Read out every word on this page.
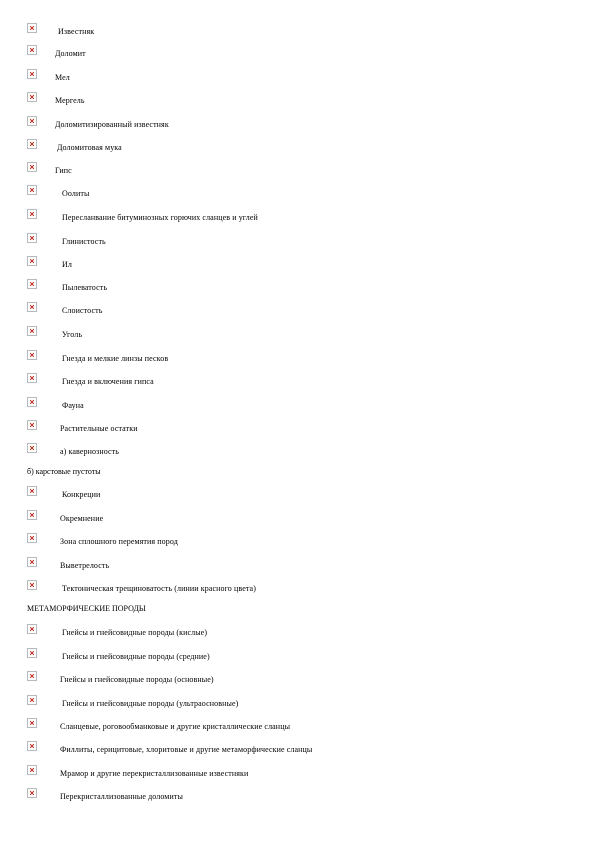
Известняк
Доломит
Мел
Мергель
Доломитизированный известняк
Доломитовая мука
Гипс
Оолиты
Пересланвание битуминозных горючих сланцев и углей
Глинистость
Ил
Пылеватость
Слоистость
Уголь
Гнезда и мелкие линзы песков
Гнезда и включения гипса
Фауна
Растительные остатки
а) кавернозность
б) карстовые пустоты
Конкреции
Окремнение
Зона сплошного перемятия пород
Выветрелость
Тектоническая трещиноватость (линии красного цвета)
МЕТАМОРФИЧЕСКИЕ ПОРОДЫ
Гнейсы и гнейсовидные породы (кислые)
Гнейсы и гнейсовидные породы (средние)
Гнейсы и гнейсовидные породы (основные)
Гнейсы и гнейсовидные породы (ультраосновные)
Сланцевые, роговообманковые и другие кристаллические сланцы
Филлиты, серицитовые, хлоритовые и другие метаморфические сланцы
Мрамор и другие перекристаллизованные известняки
Перекристаллизованные доломиты
